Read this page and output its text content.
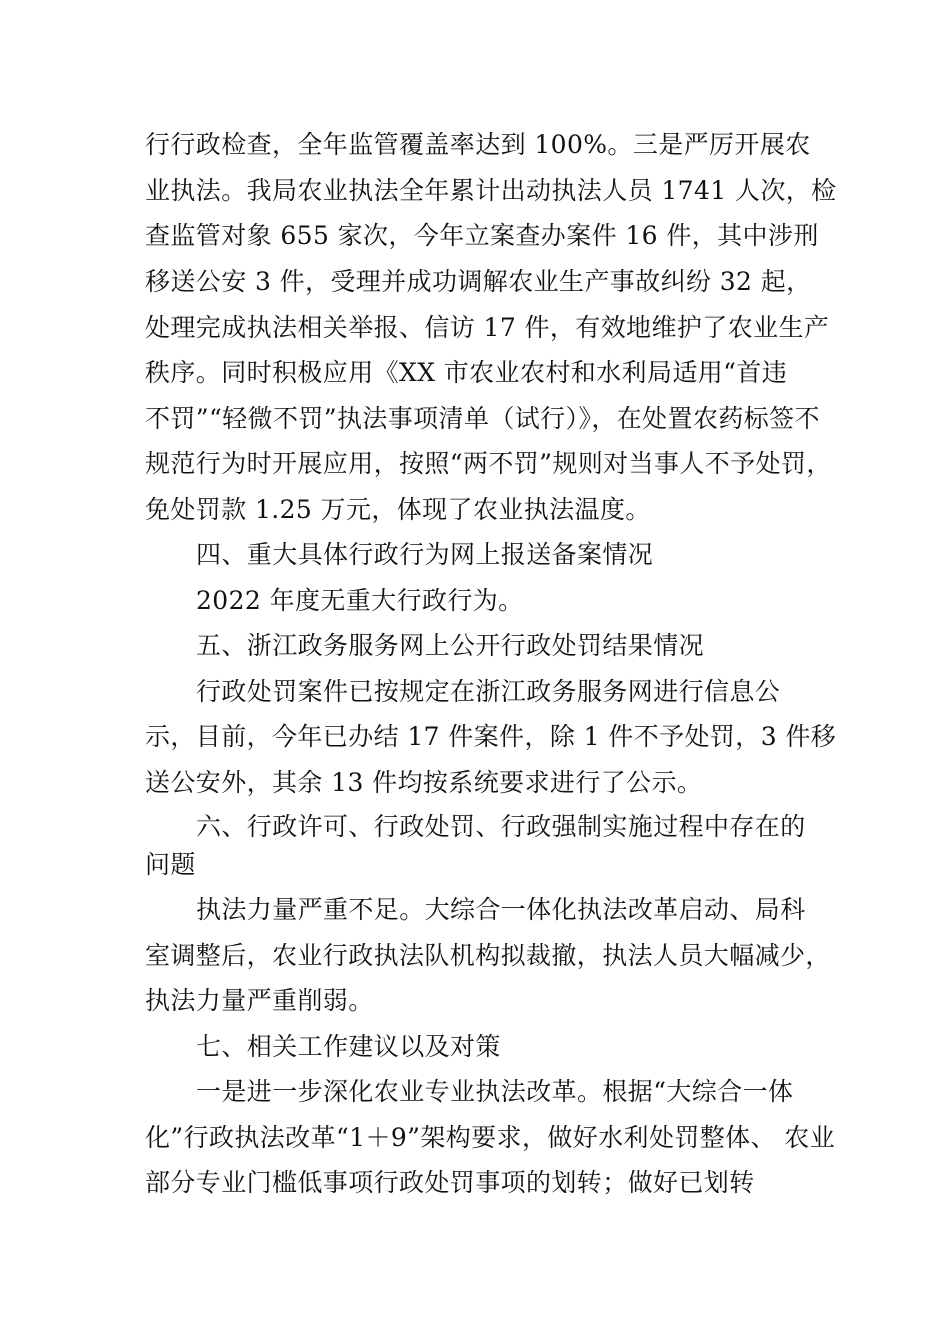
行行政检查，全年监管覆盖率达到 100%。三是严厉开展农
业执法。我局农业执法全年累计出动执法人员 1741 人次，检
查监管对象 655 家次，今年立案查办案件 16 件，其中涉刑
移送公安 3 件，受理并成功调解农业生产事故纠纷 32 起，
处理完成执法相关举报、信访 17 件，有效地维护了农业生产
秩序。同时积极应用《XX 市农业农村和水利局适用“首违
不罚”“轻微不罚”执法事项清单（试行）》，在处置农药标签不
规范行为时开展应用，按照“两不罚”规则对当事人不予处罚，
免处罚款 1.25 万元，体现了农业执法温度。
四、重大具体行政行为网上报送备案情况
2022 年度无重大行政行为。
五、浙江政务服务网上公开行政处罚结果情况
行政处罚案件已按规定在浙江政务服务网进行信息公
示，目前，今年已办结 17 件案件，除 1 件不予处罚，3 件移
送公安外，其余 13 件均按系统要求进行了公示。
六、行政许可、行政处罚、行政强制实施过程中存在的
问题
执法力量严重不足。大综合一体化执法改革启动、局科
室调整后，农业行政执法队机构拟裁撤，执法人员大幅减少，
执法力量严重削弱。
七、相关工作建议以及对策
一是进一步深化农业专业执法改革。根据“大综合一体
化”行政执法改革“1＋9”架构要求，做好水利处罚整体、 农业
部分专业门槛低事项行政处罚事项的划转；做好已划转
